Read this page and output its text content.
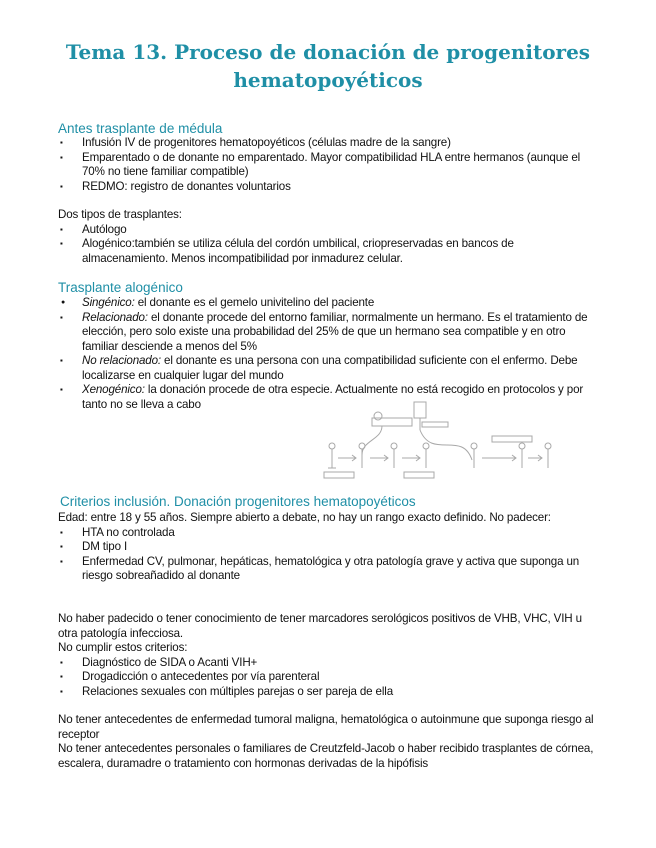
Tema 13. Proceso de donación de progenitores hematopoyéticos
Antes trasplante de médula
▪ Infusión IV de progenitores hematopoyéticos (células madre de la sangre)
▪ Emparentado o de donante no emparentado. Mayor compatibilidad HLA entre hermanos (aunque el 70% no tiene familiar compatible)
▪ REDMO: registro de donantes voluntarios

Dos tipos de trasplantes:

▪ Autólogo
▪ Alogénico:también se utiliza célula del cordón umbilical, criopreservadas en bancos de almacenamiento. Menos incompatibilidad por inmadurez celular.
Trasplante alogénico
● Singénico: el donante es el gemelo univitelino del paciente
▪ Relacionado: el donante procede del entorno familiar, normalmente un hermano. Es el tratamiento de elección, pero solo existe una probabilidad del 25% de que un hermano sea compatible y en otro familiar desciende a menos del 5%
▪ No relacionado: el donante es una persona con una compatibilidad suficiente con el enfermo. Debe localizarse en cualquier lugar del mundo
▪ Xenogénico: la donación procede de otra especie. Actualmente no está recogido en protocolos y por tanto no se lleva a cabo
Criterios inclusión. Donación progenitores hematopoyéticos

Edad: entre 18 y 55 años. Siempre abierto a debate, no hay un rango exacto definido. No padecer:

▪ HTA no controlada
▪ DM tipo I
▪ Enfermedad CV, pulmonar, hepáticas, hematológica y otra patología grave y activa que suponga un riesgo sobreañadido al donante

No haber padecido o tener conocimiento de tener marcadores serológicos positivos de VHB, VHC, VIH u otra patología infecciosa.

No cumplir estos criterios:

▪ Diagnóstico de SIDA o Acanti VIH+
▪ Drogadicción o antecedentes por vía parenteral
▪ Relaciones sexuales con múltiples parejas o ser pareja de ella

No tener antecedentes de enfermedad tumoral maligna, hematológica o autoinmune que suponga riesgo al receptor

No tener antecedentes personales o familiares de Creutzfeld-Jacob o haber recibido trasplantes de córnea, escalera, duramadre o tratamiento con hormonas derivadas de la hipófisis
